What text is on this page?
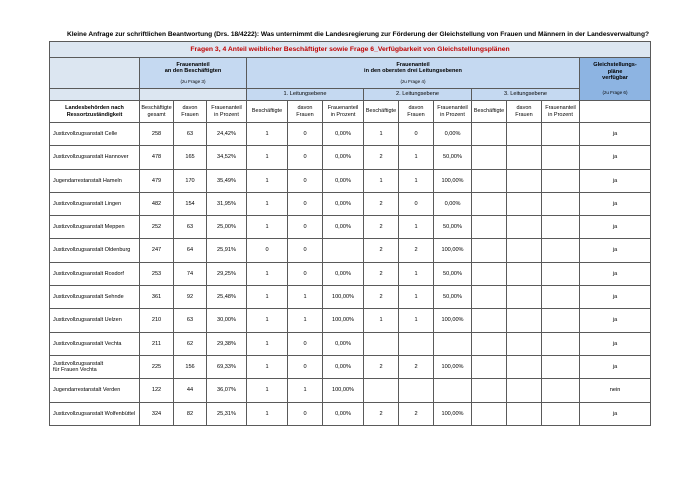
Kleine Anfrage zur schriftlichen Beantwortung (Drs. 18/4222): Was unternimmt die Landesregierung zur Förderung der Gleichstellung von Frauen und Männern in der Landesverwaltung?
Fragen 3, 4 Anteil weiblicher Beschäftigter sowie Frage 6_Verfügbarkeit von Gleichstellungsplänen													
	Frauenanteil
an den Beschäftigten
(zu Frage 3)			Frauenanteil
in den obersten drei Leitungsebenen
(zu Frage 4)									Gleichstellungs-
pläne
verfügbar
(zu Frage 6)

				1. Leitungsebene			2. Leitungsebene			3. Leitungsebene			
Landesbehörden nach
Ressortzuständigkeit	Beschäftigte
gesamt	davon
Frauen	Frauenanteil
in Prozent	Beschäftigte	davon
Frauen	Frauenanteil
in Prozent	Beschäftigte	davon
Frauen	Frauenanteil
in Prozent	Beschäftigte	davon
Frauen	Frauenanteil
in Prozent	
Justizvollzugsanstalt Celle	258	63	24,42%	1	0	0,00%	1	0	0,00%				ja
Justizvollzugsanstalt Hannover	478	165	34,52%	1	0	0,00%	2	1	50,00%				ja
Jugendarrestanstalt Hameln	479	170	35,49%	1	0	0,00%	1	1	100,00%				ja
Justizvollzugsanstalt Lingen	482	154	31,95%	1	0	0,00%	2	0	0,00%				ja
Justizvollzugsanstalt Meppen	252	63	25,00%	1	0	0,00%	2	1	50,00%				ja
Justizvollzugsanstalt Oldenburg	247	64	25,91%	0	0		2	2	100,00%				ja
Justizvollzugsanstalt Rosdorf	253	74	29,25%	1	0	0,00%	2	1	50,00%				ja
Justizvollzugsanstalt Sehnde	361	92	25,48%	1	1	100,00%	2	1	50,00%				ja
Justizvollzugsanstalt Uelzen	210	63	30,00%	1	1	100,00%	1	1	100,00%				ja
Justizvollzugsanstalt Vechta	211	62	29,38%	1	0	0,00%							ja
Justizvollzugsanstalt
für Frauen Vechta	225	156	69,33%	1	0	0,00%	2	2	100,00%				ja
Jugendarrestanstalt Verden	122	44	36,07%	1	1	100,00%							nein
Justizvollzugsanstalt Wolfenbüttel	324	82	25,31%	1	0	0,00%	2	2	100,00%				ja
